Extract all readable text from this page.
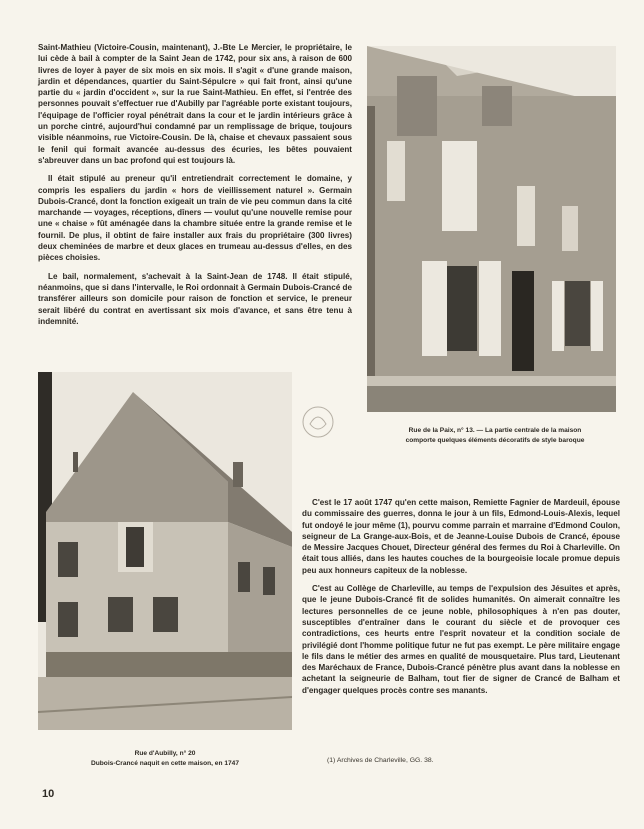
Saint-Mathieu (Victoire-Cousin, maintenant), J.-Bte Le Mercier, le propriétaire, le lui cède à bail à compter de la Saint Jean de 1742, pour six ans, à raison de 600 livres de loyer à payer de six mois en six mois. Il s'agit « d'une grande maison, jardin et dépendances, quartier du Saint-Sépulcre » qui fait front, ainsi qu'une partie du « jardin d'occident », sur la rue Saint-Mathieu. En effet, si l'entrée des personnes pouvait s'effectuer rue d'Aubilly par l'agréable porte existant toujours, l'équipage de l'officier royal pénétrait dans la cour et le jardin intérieurs grâce à un porche cintré, aujourd'hui condamné par un remplissage de brique, toujours visible néanmoins, rue Victoire-Cousin. De là, chaise et chevaux passaient sous le fenil qui formait avancée au-dessus des écuries, les bêtes pouvaient s'abreuver dans un bac profond qui est toujours là.

Il était stipulé au preneur qu'il entretiendrait correctement le domaine, y compris les espaliers du jardin « hors de vieillissement naturel ». Germain Dubois-Crancé, dont la fonction exigeait un train de vie peu commun dans la cité marchande — voyages, réceptions, dîners — voulut qu'une nouvelle remise pour une « chaise » fût aménagée dans la chambre située entre la grande remise et le fournil. De plus, il obtint de faire installer aux frais du propriétaire (300 livres) deux cheminées de marbre et deux glaces en trumeau au-dessus d'elles, en des pièces choisies.

Le bail, normalement, s'achevait à la Saint-Jean de 1748. Il était stipulé, néanmoins, que si dans l'intervalle, le Roi ordonnait à Germain Dubois-Crancé de transférer ailleurs son domicile pour raison de fonction et service, le preneur serait libéré du contrat en avertissant six mois d'avance, et sans être tenu à indemnité.

Rue de la Paix, n° 13. — La partie centrale de la maison
comporte quelques éléments décoratifs de style baroque

C'est le 17 août 1747 qu'en cette maison, Remiette Fagnier de Mardeuil, épouse du commissaire des guerres, donna le jour à un fils, Edmond-Louis-Alexis, lequel fut ondoyé le jour même (1), pourvu comme parrain et marraine d'Edmond Coulon, seigneur de La Grange-aux-Bois, et de Jeanne-Louise Dubois de Crancé, épouse de Messire Jacques Chouet, Directeur général des fermes du Roi à Charleville. On était tous alliés, dans les hautes couches de la bourgeoisie locale promue depuis peu aux honneurs capiteux de la noblesse.

C'est au Collège de Charleville, au temps de l'expulsion des Jésuites et après, que le jeune Dubois-Crancé fit de solides humanités. On aimerait connaître les lectures personnelles de ce jeune noble, philosophiques à n'en pas douter, susceptibles d'entraîner dans le courant du siècle et de provoquer ces contradictions, ces heurts entre l'esprit novateur et la condition sociale de privilégié dont l'homme politique futur ne fut pas exempt. Le père militaire engage le fils dans le métier des armes en qualité de mousquetaire. Plus tard, Lieutenant des Maréchaux de France, Dubois-Crancé pénètre plus avant dans la noblesse en achetant la seigneurie de Balham, tout fier de signer de Crancé de Balham et d'engager quelques procès contre ses manants.

Rue d'Aubilly, n° 20
Dubois-Crancé naquit en cette maison, en 1747	(1) Archives de Charleville, GG. 38.
10
